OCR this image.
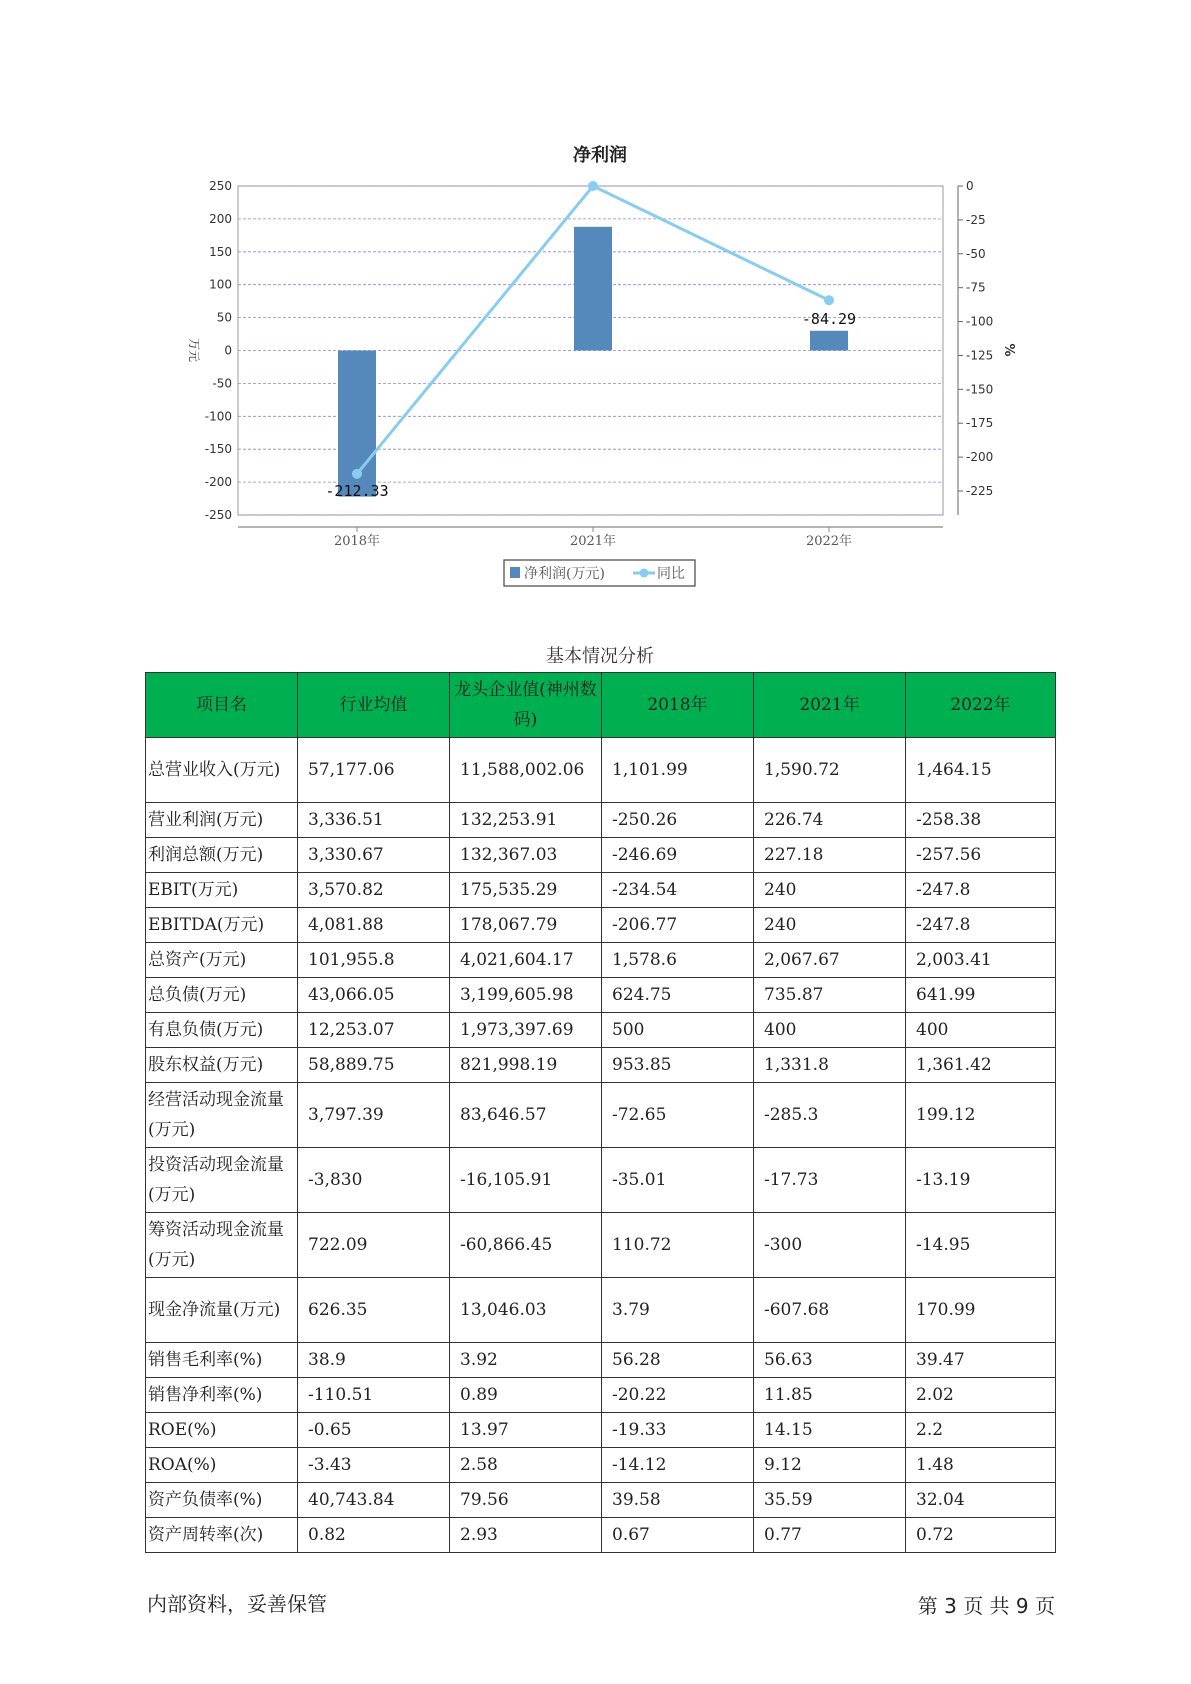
净利润
250
200
150
100
50
0
-50
-100
-150
-200
-250
0
-25
-50
-75
-100
-125
-150
-175
-200
-225
万元	%
2018年	2021年	2022年
-212.33
-84.29
净利润(万元)	同比
基本情况分析
项目名	行业均值	龙头企业值(神州数码)	2018年	2021年	2022年
总营业收入(万元)	57,177.06	11,588,002.06	1,101.99	1,590.72	1,464.15
营业利润(万元)	3,336.51	132,253.91	-250.26	226.74	-258.38
利润总额(万元)	3,330.67	132,367.03	-246.69	227.18	-257.56
EBIT(万元)	3,570.82	175,535.29	-234.54	240	-247.8
EBITDA(万元)	4,081.88	178,067.79	-206.77	240	-247.8
总资产(万元)	101,955.8	4,021,604.17	1,578.6	2,067.67	2,003.41
总负债(万元)	43,066.05	3,199,605.98	624.75	735.87	641.99
有息负债(万元)	12,253.07	1,973,397.69	500	400	400
股东权益(万元)	58,889.75	821,998.19	953.85	1,331.8	1,361.42
经营活动现金流量(万元)	3,797.39	83,646.57	-72.65	-285.3	199.12
投资活动现金流量(万元)	-3,830	-16,105.91	-35.01	-17.73	-13.19
筹资活动现金流量(万元)	722.09	-60,866.45	110.72	-300	-14.95
现金净流量(万元)	626.35	13,046.03	3.79	-607.68	170.99
销售毛利率(%)	38.9	3.92	56.28	56.63	39.47
销售净利率(%)	-110.51	0.89	-20.22	11.85	2.02
ROE(%)	-0.65	13.97	-19.33	14.15	2.2
ROA(%)	-3.43	2.58	-14.12	9.12	1.48
资产负债率(%)	40,743.84	79.56	39.58	35.59	32.04
资产周转率(次)	0.82	2.93	0.67	0.77	0.72
内部资料，妥善保管	第 3 页 共 9 页
